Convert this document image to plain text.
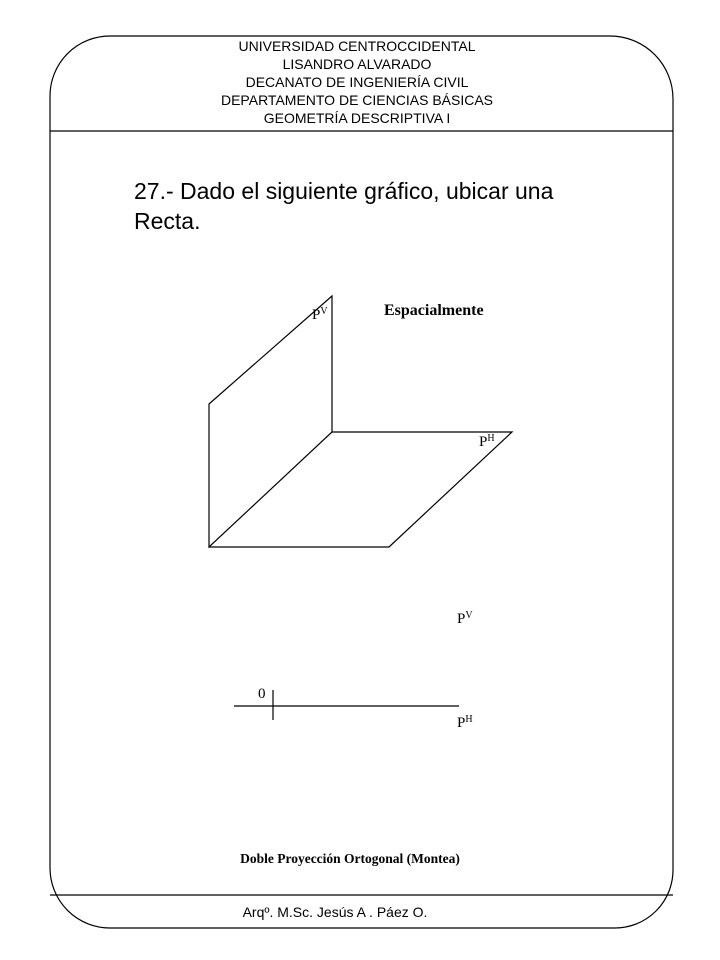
UNIVERSIDAD CENTROCCIDENTAL
LISANDRO ALVARADO
DECANATO DE INGENIERÍA CIVIL
DEPARTAMENTO DE CIENCIAS BÁSICAS
GEOMETRÍA DESCRIPTIVA I
27.- Dado el siguiente gráfico, ubicar una
Recta.
$P^V$	Espacialmente
$P^H$
$P^V$
0
$P^H$
Doble Proyección Ortogonal (Montea)
Arqº. M.Sc. Jesús A . Páez O.
